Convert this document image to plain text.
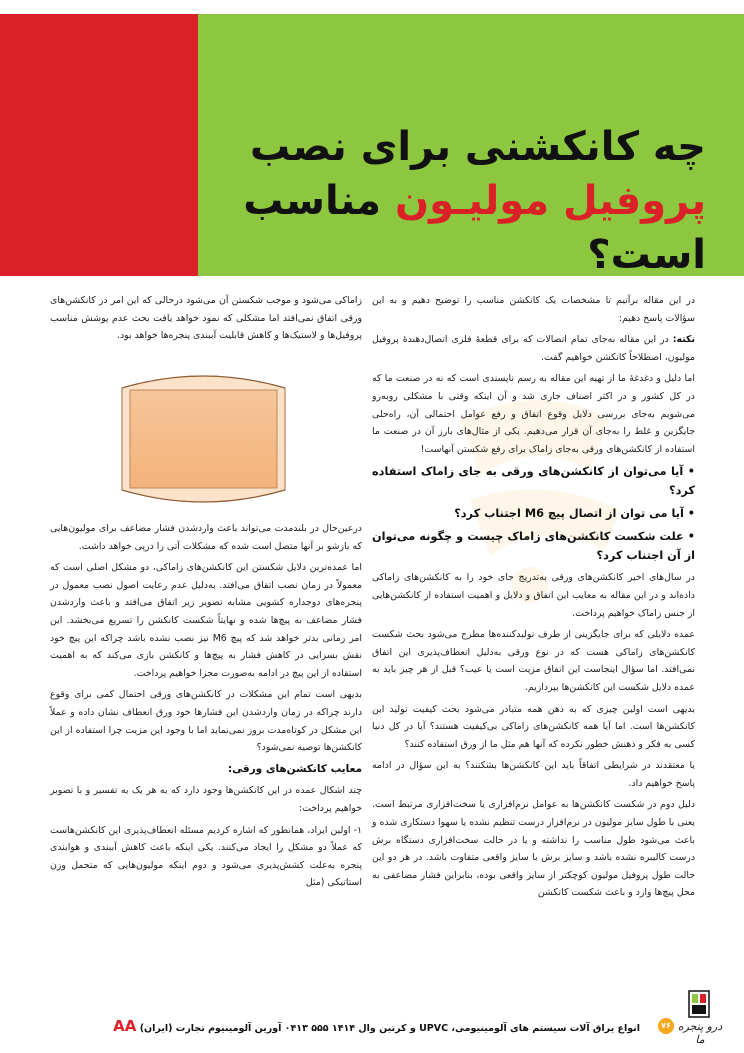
چه کانکشنی برای نصب
پروفیل مولیـون مناسب است؟

در این مقاله برآنیم تا مشخصات یک کانکشن مناسب را توضیح دهیم و به این سؤالات پاسخ دهیم:

نکته: در این مقاله به‌جای تمام اتصالات که برای قطعهٔ فلزی اتصال‌دهندهٔ پروفیل مولیون، اصطلاحاً کانکشن خواهیم گفت.

اما دلیل و دغدغهٔ ما از تهیه این مقاله به رسم ناپسندی است که نه در صنعت ما که در کل کشور و در اکثر اصناف جاری شد و آن اینکه وقتی با مشکلی روبه‌رو می‌شویم به‌جای بررسی دلایل وقوع اتفاق و رفع عوامل احتمالی آن، راه‌حلی جایگزین و غلط را به‌جای آن قرار می‌دهیم. یکی از مثال‌های بارز آن در صنعت ما استفاده از کانکشن‌های ورقی به‌جای زاماک برای رفع شکستن آنهاست!

• آیا می‌توان از کانکشن‌های ورقی به جای زاماک استفاده کرد؟

• آیا می توان از اتصال پیچ M6 اجتناب کرد؟

• علت شکست کانکشن‌های زاماک چیست و چگونه می‌توان از آن اجتناب کرد؟

در سال‌های اخیر کانکشن‌های ورقی به‌تدریج جای خود را به کانکشن‌های زاماکی داده‌اند و در این مقاله به معایب این اتفاق و دلایل و اهمیت استفاده از کانکشن‌هایی از جنس زاماک خواهیم پرداخت.

عمده دلایلی که برای جایگزینی از طرف تولیدکننده‌ها مطرح می‌شود بحث شکست کانکشن‌های زاماکی هست که در نوع ورقی به‌دلیل انعطاف‌پذیری این اتفاق نمی‌افتد. اما سؤال اینجاست این اتفاق مزیت است یا عیب؟ قبل از هر چیز باید به عمده دلایل شکست این کانکشن‌ها بپردازیم.

بدیهی است اولین چیزی که به ذهن همه متبادر می‌شود بحث کیفیت تولید این کانکشن‌ها است. اما آیا همه کانکشن‌های زاماکی بی‌کیفیت هستند؟ آیا در کل دنیا کسی به فکر و ذهنش خطور نکرده که آنها هم مثل ما از ورق استفاده کنند؟

یا معتقدند در شرایطی اتفاقاً باید این کانکشن‌ها بشکنند؟ به این سؤال در ادامه پاسخ خواهیم داد.

دلیل دوم در شکست کانکشن‌ها به عوامل نرم‌افزاری یا سخت‌افزاری مرتبط است. یعنی با طول سایز مولیون در نرم‌افزار درست تنظیم نشده یا سهوا دستکاری شده و باعث می‌شود طول مناسب را نداشته و یا در حالت سخت‌افزاری دستگاه برش درست کالیبره نشده باشد و سایز برش با سایز واقعی متفاوت باشد. در هر دو این حالت طول پروفیل مولیون کوچکتر از سایز واقعی بوده، بنابراین فشار مضاعفی به محل پیچ‌ها وارد و باعث شکست کانکشن

زاماکی می‌شود و موجب شکستن آن می‌شود درحالی که این امر در کانکشن‌های ورقی اتفاق نمی‌افتد اما مشکلی که نمود خواهد یافت بحث عدم پوشش مناسب پروفیل‌ها و لاستیک‌ها و کاهش قابلیت آببندی پنجره‌ها خواهد بود.

درعین‌حال در بلندمدت می‌تواند باعث واردشدن فشار مضاعف برای مولیون‌هایی که بازشو بر آنها متصل است شده که مشکلات آتی را درپی خواهد داشت.

اما عمده‌ترین دلایل شکستن این کانکشن‌های زاماکی، دو مشکل اصلی است که معمولاً در زمان نصب اتفاق می‌افتد. به‌دلیل عدم رعایت اصول نصب معمول در پنجره‌های دوجداره کشویی مشابه تصویر زیر اتفاق می‌افتد و باعث واردشدن فشار مضاعف به پیچ‌ها شده و نهایتاً شکست کانکشن را تسریع می‌بخشد. این امر زمانی بدتر خواهد شد که پیچ M6 نیز نصب نشده باشد چراکه این پیچ خود نقش بسزایی در کاهش فشار به پیچ‌ها و کانکشن بازی می‌کند که به اهمیت استفاده از این پیچ در ادامه به‌صورت مجزا خواهیم پرداخت.

بدیهی است تمام این مشکلات در کانکشن‌های ورقی احتمال کمی برای وقوع دارند چراکه در زمان واردشدن این فشارها خود ورق انعطاف نشان داده و عملاً این مشکل در کوتاه‌مدت بروز نمی‌نماید اما با وجود این مزیت چرا استفاده از این کانکشن‌ها توصیه نمی‌شود؟

معایب کانکشن‌های ورقی:

چند اشکال عمده در این کانکشن‌ها وجود دارد که به هر یک به تفسیر و با تصویر خواهیم پرداخت:

۱- اولین ایراد، همانطور که اشاره کردیم مسئله انعطاف‌پذیری این کانکشن‌هاست که عملاً دو مشکل را ایجاد می‌کنند. یکی اینکه باعث کاهش آببندی و هوابندی پنجره به‌علت کشش‌پذیری می‌شود و دوم اینکه مولیون‌هایی که متحمل وزن استاتیکی (مثل

انواع یراق آلات سیستم های آلومینیومی، UPVC و کرتین وال ۱۴۱۴ ۵۵۵ ۰۴۱۳ آورین آلومینیوم تجارت (ایران) AA	۷۶ درو پنجره ما
